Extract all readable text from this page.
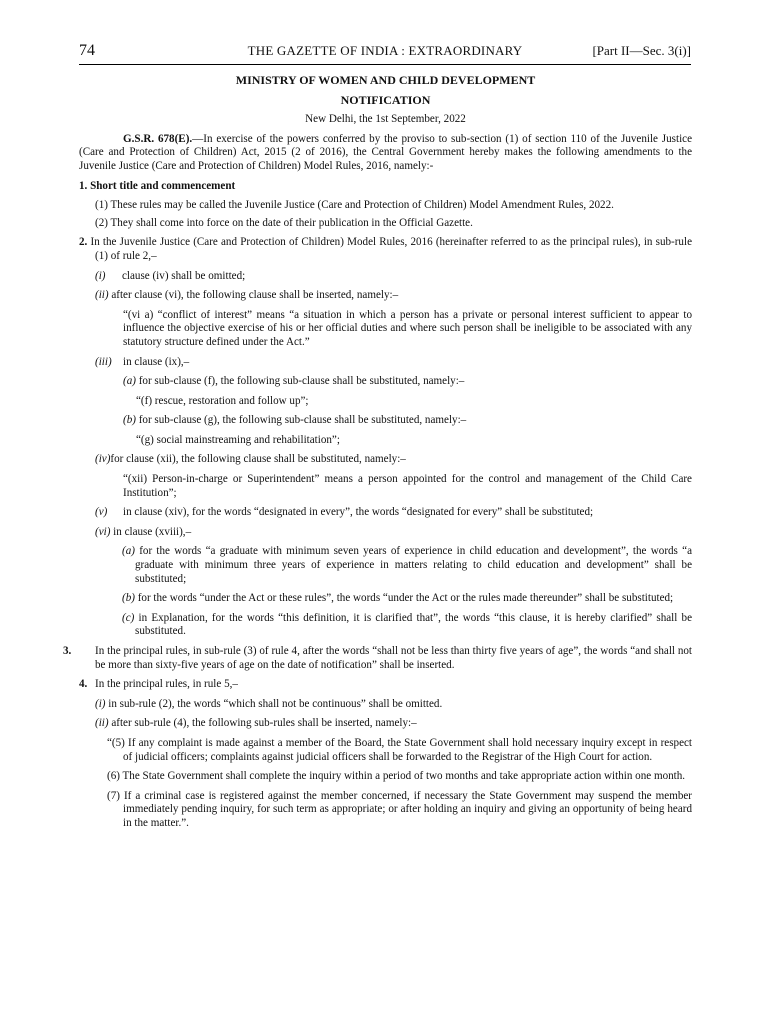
74	THE GAZETTE OF INDIA : EXTRAORDINARY	[Part II—Sec. 3(i)]

MINISTRY OF WOMEN AND CHILD DEVELOPMENT

NOTIFICATION

New Delhi, the 1st September, 2022

G.S.R. 678(E).—In exercise of the powers conferred by the proviso to sub-section (1) of section 110 of the Juvenile Justice (Care and Protection of Children) Act, 2015 (2 of 2016), the Central Government hereby makes the following amendments to the Juvenile Justice (Care and Protection of Children) Model Rules, 2016, namely:-

1. Short title and commencement

(1) These rules may be called the Juvenile Justice (Care and Protection of Children) Model Amendment Rules, 2022.

(2) They shall come into force on the date of their publication in the Official Gazette.

2. In the Juvenile Justice (Care and Protection of Children) Model Rules, 2016 (hereinafter referred to as the principal rules), in sub-rule (1) of rule 2,–

(i) clause (iv) shall be omitted;

(ii) after clause (vi), the following clause shall be inserted, namely:–

“(vi a) “conflict of interest” means “a situation in which a person has a private or personal interest sufficient to appear to influence the objective exercise of his or her official duties and where such person shall be ineligible to be associated with any statutory structure defined under the Act.”

(iii) in clause (ix),–

(a) for sub-clause (f), the following sub-clause shall be substituted, namely:–

“(f) rescue, restoration and follow up”;

(b) for sub-clause (g), the following sub-clause shall be substituted, namely:–

“(g) social mainstreaming and rehabilitation”;

(iv)for clause (xii), the following clause shall be substituted, namely:–

“(xii) Person-in-charge or Superintendent” means a person appointed for the control and management of the Child Care Institution”;

(v) in clause (xiv), for the words “designated in every”, the words “designated for every” shall be substituted;

(vi) in clause (xviii),–

(a) for the words “a graduate with minimum seven years of experience in child education and development”, the words “a graduate with minimum three years of experience in matters relating to child education and development” shall be substituted;

(b) for the words “under the Act or these rules”, the words “under the Act or the rules made thereunder” shall be substituted;

(c) in Explanation, for the words “this definition, it is clarified that”, the words “this clause, it is hereby clarified” shall be substituted.

3. In the principal rules, in sub-rule (3) of rule 4, after the words “shall not be less than thirty five years of age”, the words “and shall not be more than sixty-five years of age on the date of notification” shall be inserted.

4. In the principal rules, in rule 5,–

(i) in sub-rule (2), the words “which shall not be continuous” shall be omitted.

(ii) after sub-rule (4), the following sub-rules shall be inserted, namely:–

“(5) If any complaint is made against a member of the Board, the State Government shall hold necessary inquiry except in respect of judicial officers; complaints against judicial officers shall be forwarded to the Registrar of the High Court for action.

(6) The State Government shall complete the inquiry within a period of two months and take appropriate action within one month.

(7) If a criminal case is registered against the member concerned, if necessary the State Government may suspend the member immediately pending inquiry, for such term as appropriate; or after holding an inquiry and giving an opportunity of being heard in the matter.”.
